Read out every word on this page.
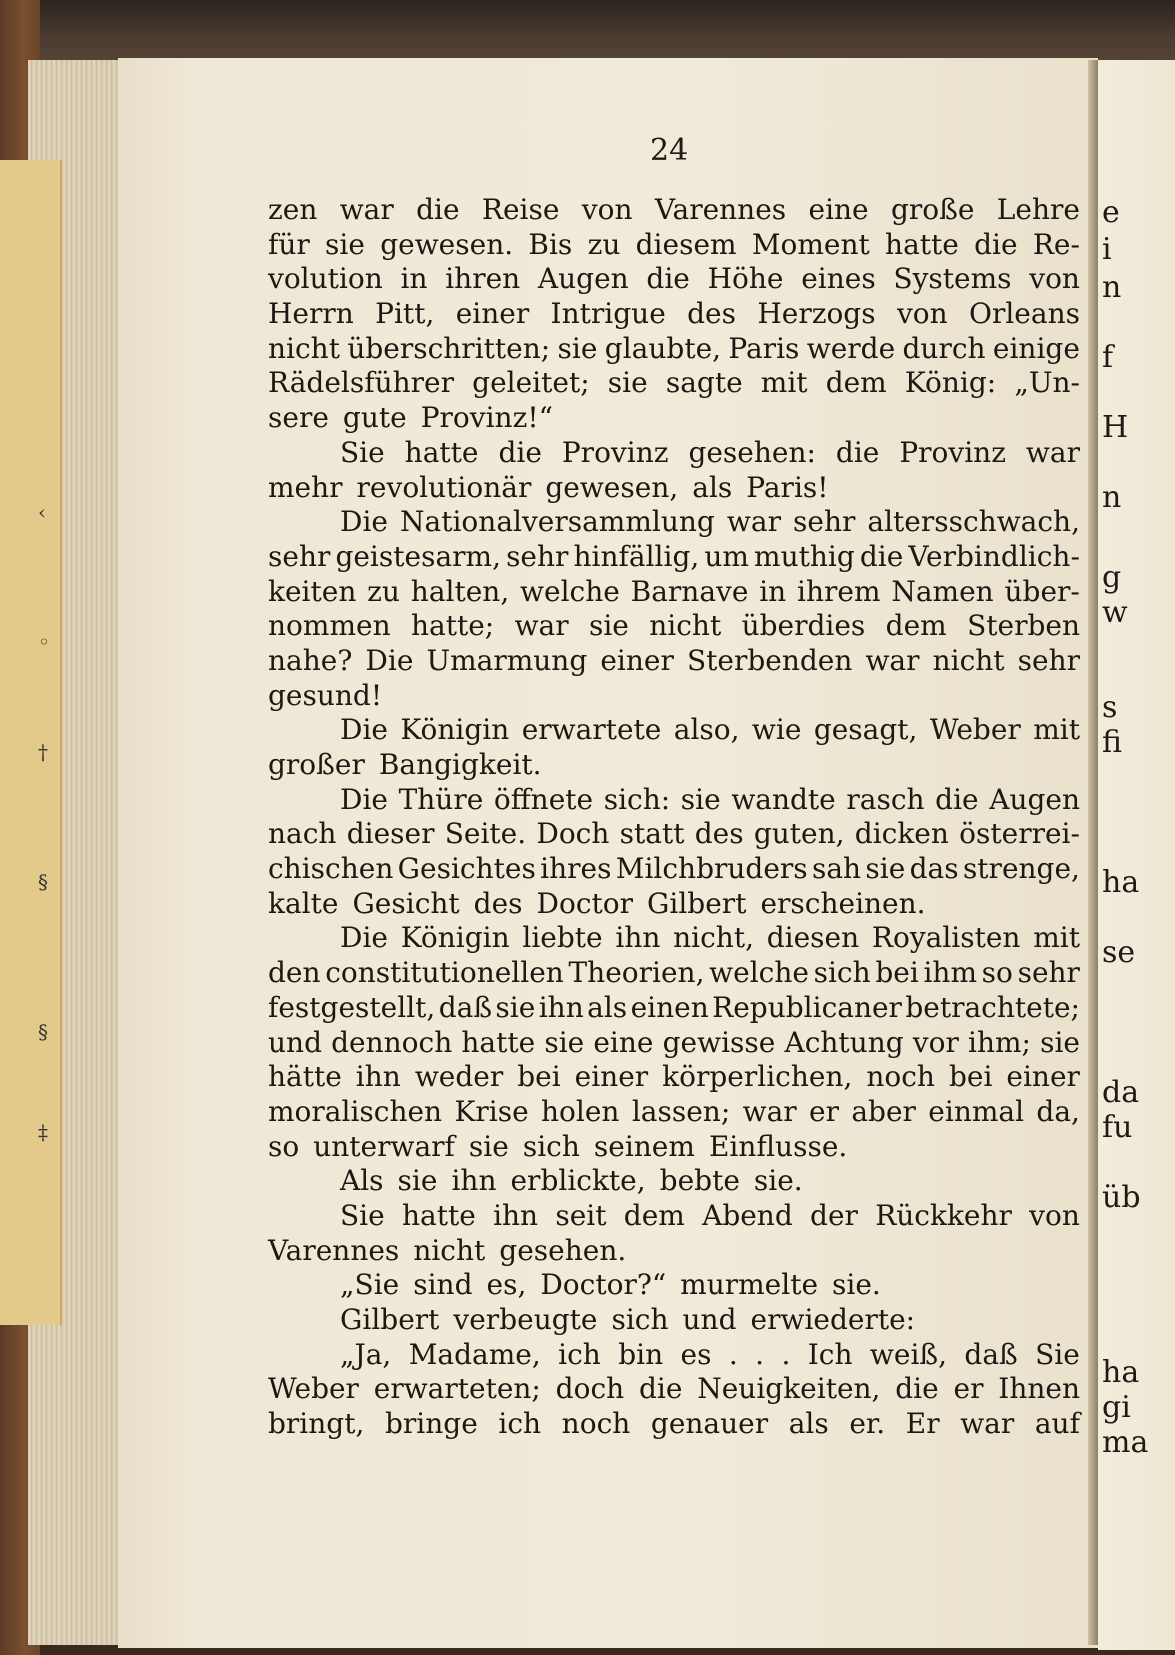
‹
◦
†
§
§
‡
24
zen war die Reise von Varennes eine große Lehre
für sie gewesen. Bis zu diesem Moment hatte die Re-
volution in ihren Augen die Höhe eines Systems von
Herrn Pitt, einer Intrigue des Herzogs von Orleans
nicht überschritten; sie glaubte, Paris werde durch einige
Rädelsführer geleitet; sie sagte mit dem König: „Un-
sere gute Provinz!“
Sie hatte die Provinz gesehen: die Provinz war
mehr revolutionär gewesen, als Paris!
Die Nationalversammlung war sehr altersschwach,
sehr geistesarm, sehr hinfällig, um muthig die Verbindlich-
keiten zu halten, welche Barnave in ihrem Namen über-
nommen hatte; war sie nicht überdies dem Sterben
nahe? Die Umarmung einer Sterbenden war nicht sehr
gesund!
Die Königin erwartete also, wie gesagt, Weber mit
großer Bangigkeit.
Die Thüre öffnete sich: sie wandte rasch die Augen
nach dieser Seite. Doch statt des guten, dicken österrei-
chischen Gesichtes ihres Milchbruders sah sie das strenge,
kalte Gesicht des Doctor Gilbert erscheinen.
Die Königin liebte ihn nicht, diesen Royalisten mit
den constitutionellen Theorien, welche sich bei ihm so sehr
festgestellt, daß sie ihn als einen Republicaner betrachtete;
und dennoch hatte sie eine gewisse Achtung vor ihm; sie
hätte ihn weder bei einer körperlichen, noch bei einer
moralischen Krise holen lassen; war er aber einmal da,
so unterwarf sie sich seinem Einflusse.
Als sie ihn erblickte, bebte sie.
Sie hatte ihn seit dem Abend der Rückkehr von
Varennes nicht gesehen.
„Sie sind es, Doctor?“ murmelte sie.
Gilbert verbeugte sich und erwiederte:
„Ja, Madame, ich bin es . . . Ich weiß, daß Sie
Weber erwarteten; doch die Neuigkeiten, die er Ihnen
bringt, bringe ich noch genauer als er. Er war auf
e
i
n
f
H
n
g
w
s
fi
ha
se
da
fu
üb
ha
gi
ma
